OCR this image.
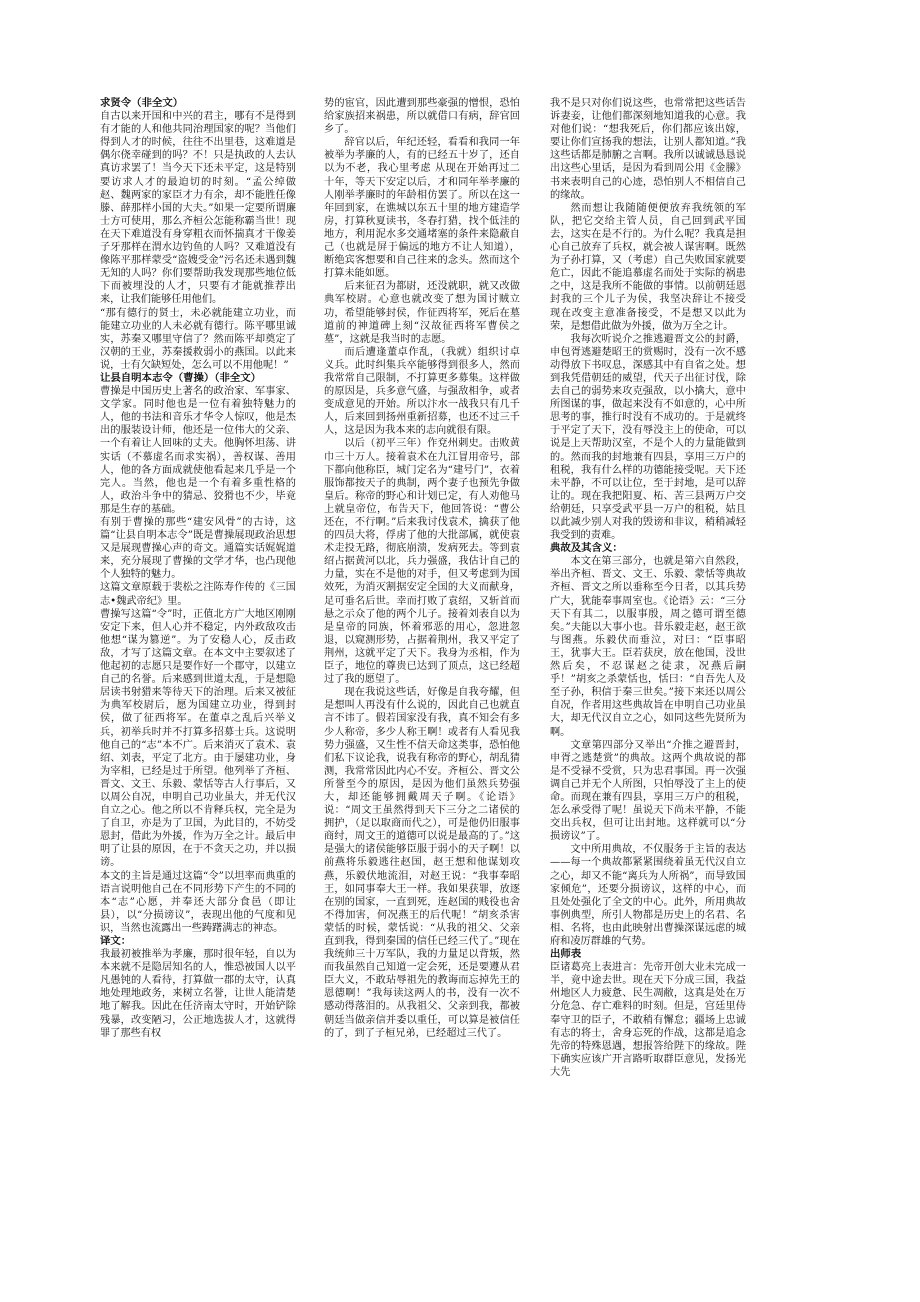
求贤令（非全文）

自古以来开国和中兴的君主，哪有不是得到有才能的人和他共同治理国家的呢？当他们得到人才的时候，往往不出里巷，这难道是偶尔侥幸碰到的吗？不！只是执政的人去认真访求罢了！当今天下还未平定，这是特别要访求人才的最迫切的时刻。“孟公绰做赵、魏两家的家臣才力有余，却不能胜任像滕、薛那样小国的大夫。”如果一定要所谓廉士方可使用，那么齐桓公怎能称霸当世！现在天下难道没有身穿粗衣而怀揣真才干像姜子牙那样在渭水边钓鱼的人吗？又难道没有像陈平那样蒙受“盗嫂受金”污名还未遇到魏无知的人吗？你们要帮助我发现那些地位低下而被埋没的人才，只要有才能就推荐出来，让我们能够任用他们。

“那有德行的贤士，未必就能建立功业，而能建立功业的人未必就有德行。陈平哪里诚实，苏秦又哪里守信了？然而陈平却奠定了汉朝的王业，苏秦援救弱小的燕国。以此来说，士有欠缺短处，怎么可以不用他呢！”

让县自明本志令（曹操）（非全文）

曹操是中国历史上著名的政治家、军事家、文学家。同时他也是一位有着独特魅力的人，他的书法和音乐才华令人惊叹，他是杰出的服装设计师，他还是一位伟大的父亲、一个有着让人回味的丈夫。他胸怀坦荡、讲实话（不慕虚名而求实祸），善权谋、善用人，他的各方面成就使他看起来几乎是一个完人。当然，他也是一个有着多重性格的人，政治斗争中的猜忌、狡猾也不少，毕竟那是生存的基础。

有别于曹操的那些“建安风骨”的古诗，这篇“让县自明本志令”既是曹操展现政治思想又是展现曹操心声的奇文。通篇实话娓娓道来，充分展现了曹操的文学才华，也凸现他个人独特的魅力。

这篇文章原载于裴松之注陈寿作传的《三国志•魏武帝纪》里。

曹操写这篇“令”时，正值北方广大地区刚刚安定下来，但人心并不稳定，内外政敌攻击他想“谋为篡逆”。为了安稳人心，反击政敌，才写了这篇文章。在本文中主要叙述了他起初的志愿只是要作好一个郡守，以建立自己的名誉。后来感到世道太乱，于是想隐居读书射猎来等待天下的治理。后来又被征为典军校尉后，愿为国建立功业，得到封侯，做了征西将军。在董卓之乱后兴举义兵，初举兵时并不打算多招募士兵。这说明他自己的“志”本不广。后来消灭了袁术、袁绍、刘表，平定了北方。由于屡建功业，身为宰相，已经是过于所望。他列举了齐桓、晋文、文王、乐毅、蒙恬等古人行事后，又以周公自况，申明自己功业虽大，并无代汉自立之心。他之所以不肯释兵权，完全是为了自卫，亦是为了卫国，为此目的，不妨受恩封，借此为外援，作为万全之计。最后申明了让县的原因，在于不贪天之功，并以损谤。

本文的主旨是通过这篇“令”以坦率而典重的语言说明他自己在不同形势下产生的不同的本“志”心愿，并奉还大部分食邑（即让县），以“分损谤议”，表现出他的气度和见识，当然也流露出一些踌躇满志的神态。

译文：

我最初被推举为孝廉，那时很年轻，自以为本来就不是隐居知名的人，惟恐被国人以平凡愚钝的人看待，打算做一郡的太守，认真地处理地政务，来树立名誉，让世人能清楚地了解我。因此在任济南太守时，开始铲除残暴，改变陋习，公正地选拔人才，这就得罪了那些有权

势的宦官，因此遭到那些豪强的憎恨，恐怕给家族招来祸患，所以就借口有病，辞官回乡了。

辞官以后，年纪还轻，看看和我同一年被举为孝廉的人，有的已经五十岁了，还自以为不老，我心里考虑 从现在开始再过二十年，等天下安定以后，才和同年举孝廉的人刚举孝廉时的年龄相仿罢了。所以在这一年回到家，在谯城以东五十里的地方建造学房，打算秋夏读书，冬春打猎，找个低洼的地方，利用泥水多交通堵塞的条件来隐蔽自己（也就是屏于偏远的地方不让人知道），断绝宾客想要和自己往来的念头。然而这个打算未能如愿。

后来征召为都尉，还没就职，就又改做典军校尉。心意也就改变了想为国讨贼立功，希望能够封侯，作征西将军，死后在墓道前的神道碑上刻“汉故征西将军曹侯之墓”，这就是我当时的志愿。

而后遭逢董卓作乱，（我就）组织讨卓义兵。此时纠集兵卒能够得到很多人，然而我常常自己限制，不打算更多募集。这样做的原因是，兵多意气盛，与强敌相争，或者变成意见的开始。所以汴水一战我只有几千人，后来回到扬州重新招募，也还不过三千人，这是因为我本来的志向就很有限。

以后（初平三年）作兗州刺史。击败黄巾三十万人。接着袁术在九江冒用帝号，部下都向他称臣，城门定名为“建号门”，衣着服饰都按天子的典制，两个妻子也预先争做皇后。称帝的野心和计划已定，有人劝他马上就皇帝位，布告天下，他回答说：“曹公还在，不行啊。”后来我讨伐袁术，擒获了他的四员大将，俘虏了他的大批部属，就使袁术走投无路，彻底崩溃，发病死去。等到袁绍占据黄河以北，兵力强盛，我估计自己的力量，实在不是他的对手，但又考虑到为国效死，为消灭割据安定全国的大义而献身，足可垂名后世。幸而打败了袁绍，又斩首而悬之示众了他的两个儿子。接着刘表自以为是皇帝的同族，怀着邪恶的用心，忽进忽退，以窥测形势，占据着荆州，我又平定了荆州，这就平定了天下。我身为丞相，作为臣子，地位的尊贵已达到了顶点，这已经超过了我的愿望了。

现在我说这些话，好像是自我夸耀，但是想叫人再没有什么说的，因此自己也就直言不讳了。假若国家没有我，真不知会有多少人称帝，多少人称王啊！或者有人看见我势力强盛，又生性不信天命这类事，恐怕他们私下议论我，说我有称帝的野心，胡乱猜测，我常常因此内心不安。齐桓公、晋文公所誉至今的原因，是因为他们虽然兵势强大，却还能够拥戴周天子啊。《论语》说：“周文王虽然得到天下三分之二诸侯的拥护，（足以取商而代之），可是他仍旧服事商纣，周文王的道德可以说是最高的了。”这是强大的诸侯能够臣服于弱小的天子啊！以前燕将乐毅逃往赵国，赵王想和他谋划攻燕，乐毅伏地流泪，对赵王说：“我事奉昭王，如同事奉大王一样。我如果获罪，放逐在别的国家，一直到死，连赵国的贱役也舍不得加害，何况燕王的后代呢！”胡亥杀害蒙恬的时候，蒙恬说：“从我的祖父、父亲直到我，得到秦国的信任已经三代了。”现在我统帅三十万军队，我的力量足以背叛，然而我虽然自己知道一定会死，还是要遵从君臣大义，不敢玷辱祖先的教诲而忘掉先王的恩德啊！”我每读这两人的书，没有一次不感动得落泪的。从我祖父、父亲到我，都被朝廷当做亲信并委以重任，可以算是被信任的了，到了子桓兄弟，已经超过三代了。

我不是只对你们说这些，也常常把这些话告诉妻妾，让他们都深刻地知道我的心意。我对他们说：“想我死后，你们都应该出嫁，要让你们宣扬我的想法，让别人都知道。”我这些话都是肺腑之言啊。我所以诚诚恳恳说出这些心里话，是因为看到周公用《金縢》书来表明自己的心迹，恐怕别人不相信自己的缘故。

然而想让我随随便便放弃我统领的军队，把它交给主管人员，自己回到武平国去，这实在是不行的。为什么呢？我真是担心自己放弃了兵权，就会被人谋害啊。既然为子孙打算，又（考虑）自己失败国家就要危亡，因此不能追慕虚名而处于实际的祸患之中，这是我所不能做的事情。以前朝廷恩封我的三个儿子为侯，我坚决辞让不接受 现在改变主意准备接受，不是想又以此为荣，是想借此做为外援，做为万全之计。

我每次听说介之推逃避晋文公的封爵，申包胥逃避楚昭王的赏赐时，没有一次不感动得放下书叹息，深感其中有自省之处。想到我凭借朝廷的威望，代天子出征讨伐，除去自己的弱势来攻克强敌，以小擒大，意中所图谋的事，做起来没有不如意的，心中所思考的事，推行时没有不成功的。于是就终于平定了天下，没有辱没主上的使命，可以说是上天帮助汉室，不是个人的力量能做到的。然而我的封地兼有四县，享用三万户的租税，我有什么样的功德能接受呢。天下还未平静，不可以让位，至于封地，是可以辞让的。现在我把阳夏、柘、苦三县两万户交给朝廷，只享受武平县一万户的租税，姑且以此减少别人对我的毁谤和非议，稍稍减轻我受到的责难。

典故及其含义：

本文在第三部分，也就是第六自然段，举出齐桓、晋文、文王、乐毅、蒙恬等典故 齐桓、晋文之所以垂称至今日者，以其兵势广大，犹能奉事周室也。《论语》云：“三分天下有其二，以服事殷，周之德可谓至德矣。”夫能以大事小也。昔乐毅走赵，赵王欲与图燕。乐毅伏而垂泣，对曰：“臣事昭王，犹事大王。臣若获戾，放在他国，没世然后矣，不忍谋赵之徒隶，况燕后嗣乎！”胡亥之杀蒙恬也，恬曰：“自吾先人及至子孙，积信于秦三世矣。”接下来还以周公自况，作者用这些典故旨在申明自己功业虽大，却无代汉自立之心，如同这些先贤所为啊。

文章第四部分又举出“介推之避晋封，申胥之逃楚赏”的典故。这两个典故说的都是不受禄不受赏，只为忠君事国。再一次强调自己并无个人所图，只怕辱没了主上的使命。而现在兼有四县，享用三万户的租税，怎么承受得了呢！虽说天下尚未平静，不能交出兵权，但可让出封地。这样就可以“分损谤议”了。

文中所用典故，不仅服务于主旨的表达——每一个典故都紧紧围绕着虽无代汉自立之心，却又不能“离兵为人所祸”，而导致国家倾危”，还要分损谤议，这样的中心，而且处处强化了全文的中心。此外，所用典故事例典型，所引人物都是历史上的名君、名相、名将，也由此映射出曹操深谋远虑的城府和凌厉群雄的气势。

出师表

臣诸葛亮上表进言：先帝开创大业未完成一半，竟中途去世。现在天下分成三国，我益州地区人力疲惫、民生凋敝，这真是处在万分危急、存亡难料的时刻。但是，宫廷里侍奉守卫的臣子，不敢稍有懈怠；疆场上忠诚有志的将士，舍身忘死的作战，这都是追念先帝的特殊恩遇，想报答给陛下的缘故。陛下确实应该广开言路听取群臣意见，发扬光大先
